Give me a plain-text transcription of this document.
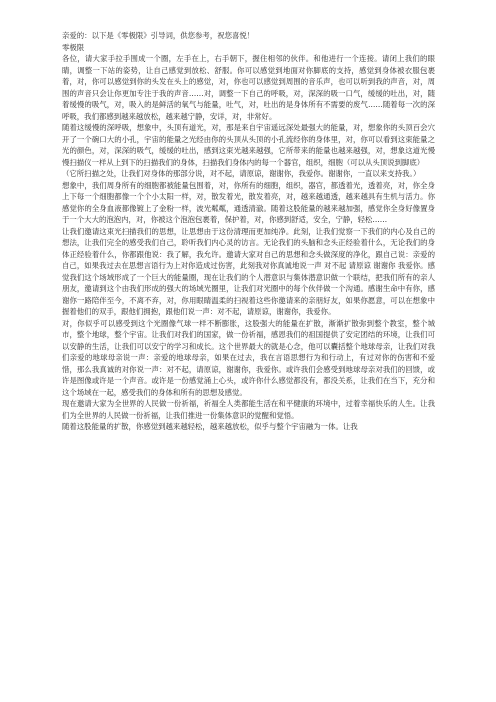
亲爱的：以下是《零极限》引导词，供您参考，祝您喜悦！

零极限

各位，请大家手拉手围成一个圈，左手在上，右手朝下，握住相邻的伙伴。和他进行一个连接。请闭上我们的眼睛，调整一下站的姿势，让自己感觉到放松、舒服。你可以感觉到地面对你脚底的支持，感觉到身体被衣服包裹着，对，你可以感觉到你的头发在头上的感觉，对，你也可以感觉到周围的音乐声，也可以听到我的声音，对，周围的声音只会让你更加专注于我的声音……对，调整一下自己的呼吸，对，深深的吸一口气，缓缓的吐出，对，随着缓慢的吸气，对，吸入的是鲜活的氧气与能量，吐气，对，吐出的是身体所有不需要的废气……随着每一次的深呼吸，我们都感到越来越放松，越来越宁静，安详，对，非常好。

随着这缓慢的深呼吸，想象中，头顶有道光，对，那是来自宇宙遥远深处最强大的能量，对，想象你的头顶百会穴开了一个碗口大的小孔，宇宙的能量之光经由你的头顶从头顶的小孔流经你的身体里，对，你可以看到这束能量之光的颜色，对，深深的吸气，缓缓的吐出，感到这束光越来越强，它所带来的能量也越来越强，对，想象这道光慢慢扫描仪一样从上到下的扫描我们的身体，扫描我们身体内的每一个器官，组织，细胞（可以从头顶说到脚底）

（它所扫描之处，让我们对身体的那部分说，对不起，请原谅，谢谢你，我爱你。谢谢你，一直以来支持我。）

想象中，我们周身所有的细胞都被能量包围着，对，你所有的细胞，组织，器官，都透着光，透着亮，对，你全身上下每一个细胞都像一个个小太阳一样，对，散发着光，散发着亮，对，越来越通透，越来越具有生机与活力。你感觉你的全身血液都像镀上了金粉一样，波光粼粼，通透清澈。随着这股能量的越来越加强，感觉你全身好像置身于一个大大的泡泡内，对，你被这个泡泡包裹着，保护着，对，你感到舒适，安全，宁静，轻松……

让我们邀请这束光扫描我们的思想，让思想由于这份清理而更加纯净。此刻，让我们觉察一下我们的内心及自己的想法，让我们完全的感受我们自己，聆听我们内心灵的访言。无论我们的头脑和念头正经验着什么，无论我们的身体正经验着什么，你都跟他说：我了解，我允许。邀请大家对自己的思想和念头做深度的净化，跟自己说：亲爱的自己，如果我过去在思想言语行为上对你造成过伤害，此刻我对你真诚地说一声 对不起 请原谅 谢谢你 我爱你。感觉我们这个场域形成了一个巨大的能量圈，现在让我们的个人潜意识与集体潜意识做一个联结，把我们所有的亲人朋友，邀请到这个由我们形成的强大的场域光圈里，让我们对光圈中的每个伙伴做一个沟通。感谢生命中有你，感谢你一路陪伴至今，不离不弃，对，你用眼睛温柔的扫视着这些你邀请来的亲朋好友，如果你愿意，可以在想象中握着他们的双手，跟他们拥抱，跟他们说一声：对不起，请原谅，谢谢你，我爱你。

对，你似乎可以感受到这个光圈像气球一样不断膨胀，这股强大的能量在扩散，渐渐扩散弥到整个教室，整个城市，整个地球，整个宇宙。让我们对我们的国家，做一份祈福，感恩我们的祖国提供了安定团结的环境，让我们可以安静的生活，让我们可以安宁的学习和成长。这个世界最大的就是心念，他可以囊括整个地球母亲，让我们对我们亲爱的地球母亲说一声：亲爱的地球母亲，如果在过去，我在言语思想行为和行动上，有过对你的伤害和不爱惜，那么我真诚的对你说一声：对不起，请原谅，谢谢你，我爱你。或许我们会感受到地球母亲对我们的回馈，或许是图像或许是一个声音。或许是一份感觉涌上心头，或许你什么感觉都没有，都没关系，让我们在当下，充分和这个场域在一起，感受我们的身体和所有的思想及感觉。

现在邀请大家为全世界的人民做一份祈福，祈福全人类都能生活在和平健康的环境中，过着幸福快乐的人生。让我们为全世界的人民做一份祈福，让我们推进一份集体意识的觉醒和觉悟。

随着这股能量的扩散，你感觉到越来越轻松，越来越放松，似乎与整个宇宙融为一体。让我
